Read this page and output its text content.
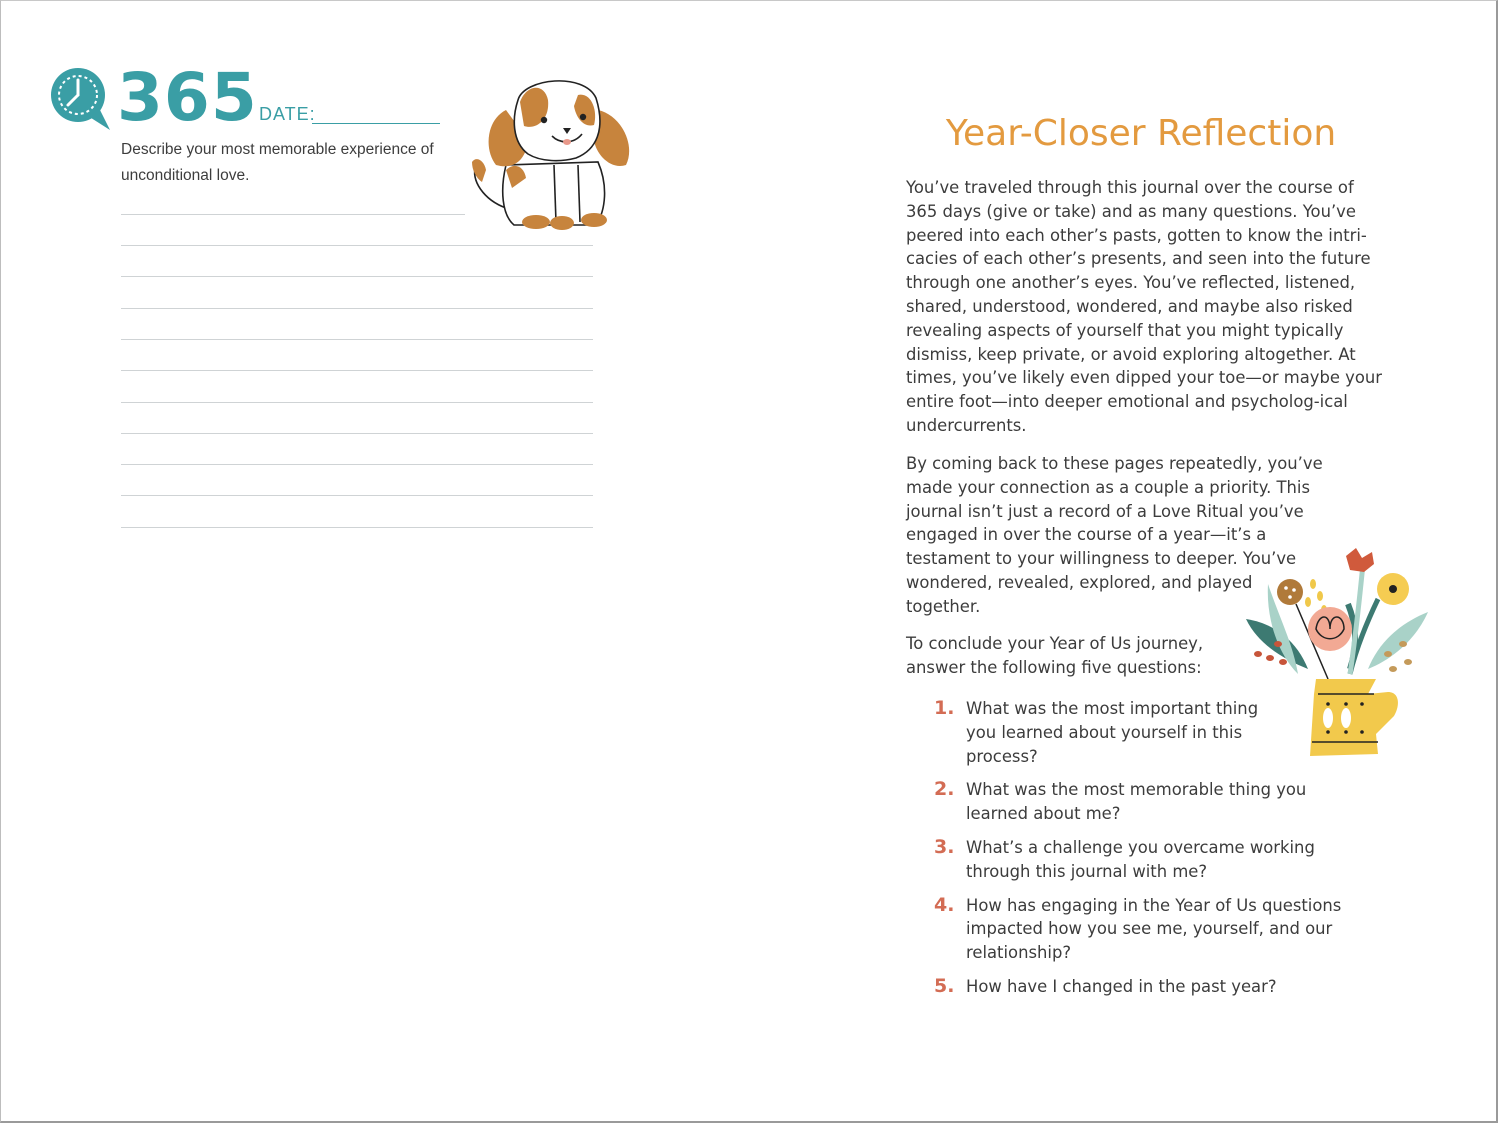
365 DATE:
Describe your most memorable experience of unconditional love.
Year-Closer Reflection

You’ve traveled through this journal over the course of 365 days (give or take) and as many questions. You’ve peered into each other’s pasts, gotten to know the intri-cacies of each other’s presents, and seen into the future through one another’s eyes. You’ve reflected, listened, shared, understood, wondered, and maybe also risked revealing aspects of yourself that you might typically dismiss, keep private, or avoid exploring altogether. At times, you’ve likely even dipped your toe—or maybe your entire foot—into deeper emotional and psycholog-ical undercurrents.

By coming back to these pages repeatedly, you’ve made your connection as a couple a priority. This journal isn’t just a record of a Love Ritual you’ve engaged in over the course of a year—it’s a testament to your willingness to deeper. You’ve wondered, revealed, explored, and played together.

To conclude your Year of Us journey, answer the following five questions:

1. What was the most important thing you learned about yourself in this process?
2. What was the most memorable thing you learned about me?
3. What’s a challenge you overcame working through this journal with me?
4. How has engaging in the Year of Us questions impacted how you see me, yourself, and our relationship?
5. How have I changed in the past year?
